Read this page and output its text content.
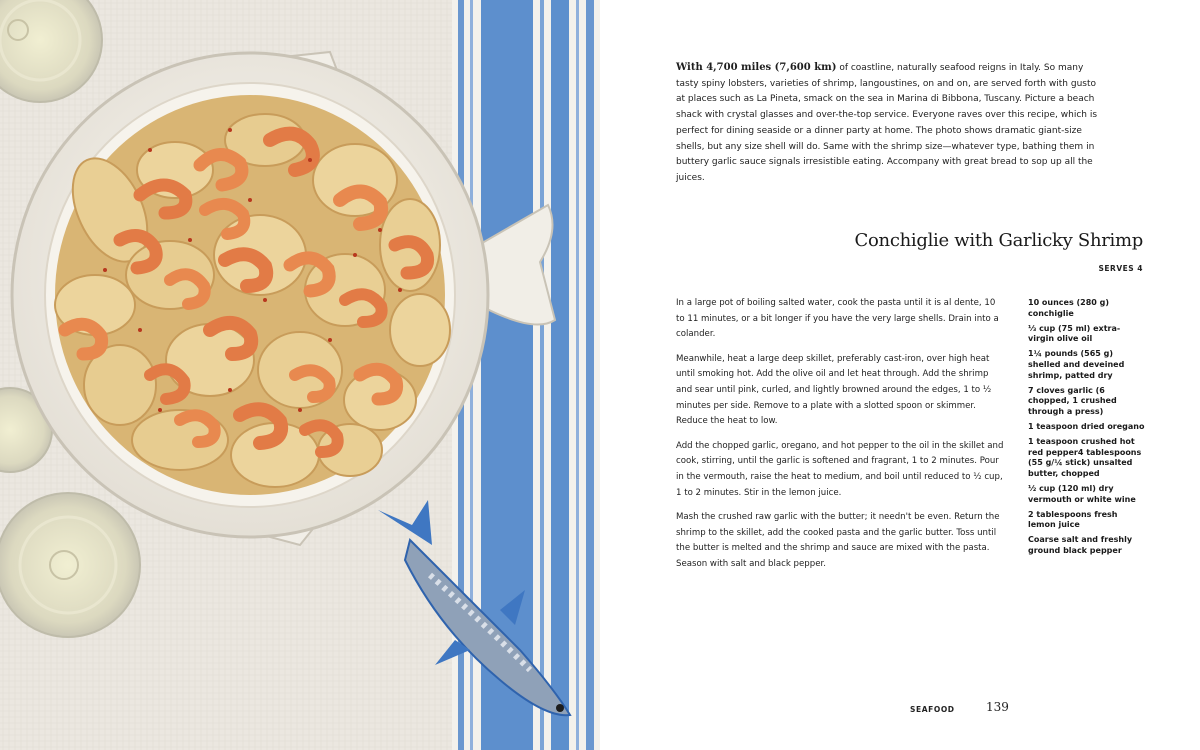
With 4,700 miles (7,600 km) of coastline, naturally seafood reigns in Italy. So many tasty spiny lobsters, varieties of shrimp, langoustines, on and on, are served forth with gusto at places such as La Pineta, smack on the sea in Marina di Bibbona, Tuscany. Picture a beach shack with crystal glasses and over-the-top service. Everyone raves over this recipe, which is perfect for dining seaside or a dinner party at home. The photo shows dramatic giant-size shells, but any size shell will do. Same with the shrimp size—whatever type, bathing them in buttery garlic sauce signals irresistible eating. Accompany with great bread to sop up all the juices.

Conchiglie with Garlicky Shrimp
SERVES 4

In a large pot of boiling salted water, cook the pasta until it is al dente, 10 to 11 minutes, or a bit longer if you have the very large shells. Drain into a colander.

Meanwhile, heat a large deep skillet, preferably cast-iron, over high heat until smoking hot. Add the olive oil and let heat through. Add the shrimp and sear until pink, curled, and lightly browned around the edges, 1 to ½ minutes per side. Remove to a plate with a slotted spoon or skimmer. Reduce the heat to low.

Add the chopped garlic, oregano, and hot pepper to the oil in the skillet and cook, stirring, until the garlic is softened and fragrant, 1 to 2 minutes. Pour in the vermouth, raise the heat to medium, and boil until reduced to ½ cup, 1 to 2 minutes. Stir in the lemon juice.

Mash the crushed raw garlic with the butter; it needn't be even. Return the shrimp to the skillet, add the cooked pasta and the garlic butter. Toss until the butter is melted and the shrimp and sauce are mixed with the pasta. Season with salt and black pepper.

10 ounces (280 g) conchiglie
⅓ cup (75 ml) extra-virgin olive oil
1¼ pounds (565 g) shelled and deveined shrimp, patted dry
7 cloves garlic (6 chopped, 1 crushed through a press)
1 teaspoon dried oregano
1 teaspoon crushed hot red pepper4 tablespoons (55 g/¼ stick) unsalted butter, chopped
½ cup (120 ml) dry vermouth or white wine
2 tablespoons fresh lemon juice
Coarse salt and freshly ground black pepper
SEAFOOD	139
